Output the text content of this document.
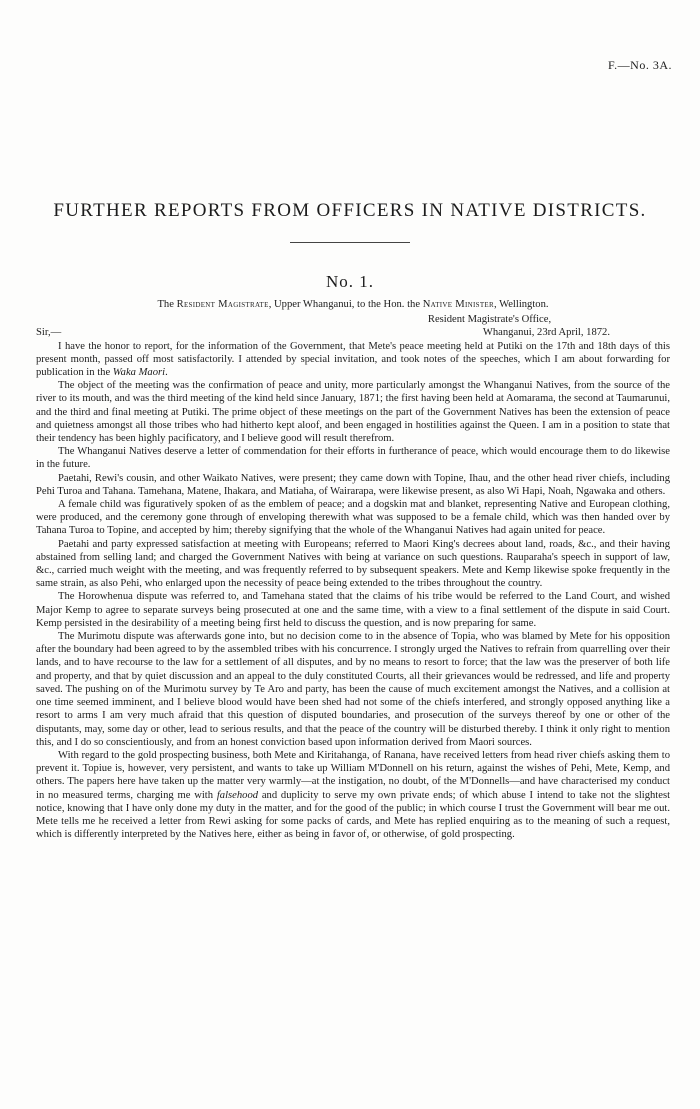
F.—No. 3A.
FURTHER REPORTS FROM OFFICERS IN NATIVE DISTRICTS.
No. 1.
The Resident Magistrate, Upper Whanganui, to the Hon. the Native Minister, Wellington.
Sir,—
Resident Magistrate's Office,
Whanganui, 23rd April, 1872.

I have the honor to report, for the information of the Government, that Mete's peace meeting held at Putiki on the 17th and 18th days of this present month, passed off most satisfactorily. I attended by special invitation, and took notes of the speeches, which I am about forwarding for publication in the Waka Maori.

The object of the meeting was the confirmation of peace and unity, more particularly amongst the Whanganui Natives, from the source of the river to its mouth, and was the third meeting of the kind held since January, 1871; the first having been held at Aomarama, the second at Taumarunui, and the third and final meeting at Putiki. The prime object of these meetings on the part of the Government Natives has been the extension of peace and quietness amongst all those tribes who had hitherto kept aloof, and been engaged in hostilities against the Queen. I am in a position to state that their tendency has been highly pacificatory, and I believe good will result therefrom.

The Whanganui Natives deserve a letter of commendation for their efforts in furtherance of peace, which would encourage them to do likewise in the future.

Paetahi, Rewi's cousin, and other Waikato Natives, were present; they came down with Topine, Ihau, and the other head river chiefs, including Pehi Turoa and Tahana. Tamehana, Matene, Ihakara, and Matiaha, of Wairarapa, were likewise present, as also Wi Hapi, Noah, Ngawaka and others.

A female child was figuratively spoken of as the emblem of peace; and a dogskin mat and blanket, representing Native and European clothing, were produced, and the ceremony gone through of enveloping therewith what was supposed to be a female child, which was then handed over by Tahana Turoa to Topine, and accepted by him; thereby signifying that the whole of the Whanganui Natives had again united for peace.

Paetahi and party expressed satisfaction at meeting with Europeans; referred to Maori King's decrees about land, roads, &c., and their having abstained from selling land; and charged the Government Natives with being at variance on such questions. Rauparaha's speech in support of law, &c., carried much weight with the meeting, and was frequently referred to by subsequent speakers. Mete and Kemp likewise spoke frequently in the same strain, as also Pehi, who enlarged upon the necessity of peace being extended to the tribes throughout the country.

The Horowhenua dispute was referred to, and Tamehana stated that the claims of his tribe would be referred to the Land Court, and wished Major Kemp to agree to separate surveys being prosecuted at one and the same time, with a view to a final settlement of the dispute in said Court. Kemp persisted in the desirability of a meeting being first held to discuss the question, and is now preparing for same.

The Murimotu dispute was afterwards gone into, but no decision come to in the absence of Topia, who was blamed by Mete for his opposition after the boundary had been agreed to by the assembled tribes with his concurrence. I strongly urged the Natives to refrain from quarrelling over their lands, and to have recourse to the law for a settlement of all disputes, and by no means to resort to force; that the law was the preserver of both life and property, and that by quiet discussion and an appeal to the duly constituted Courts, all their grievances would be redressed, and life and property saved. The pushing on of the Murimotu survey by Te Aro and party, has been the cause of much excitement amongst the Natives, and a collision at one time seemed imminent, and I believe blood would have been shed had not some of the chiefs interfered, and strongly opposed anything like a resort to arms I am very much afraid that this question of disputed boundaries, and prosecution of the surveys thereof by one or other of the disputants, may, some day or other, lead to serious results, and that the peace of the country will be disturbed thereby. I think it only right to mention this, and I do so conscientiously, and from an honest conviction based upon information derived from Maori sources.

With regard to the gold prospecting business, both Mete and Kiritahanga, of Ranana, have received letters from head river chiefs asking them to prevent it. Topiue is, however, very persistent, and wants to take up William M'Donnell on his return, against the wishes of Pehi, Mete, Kemp, and others. The papers here have taken up the matter very warmly—at the instigation, no doubt, of the M'Donnells—and have characterised my conduct in no measured terms, charging me with falsehood and duplicity to serve my own private ends; of which abuse I intend to take not the slightest notice, knowing that I have only done my duty in the matter, and for the good of the public; in which course I trust the Government will bear me out. Mete tells me he received a letter from Rewi asking for some packs of cards, and Mete has replied enquiring as to the meaning of such a request, which is differently interpreted by the Natives here, either as being in favor of, or otherwise, of gold prospecting.
